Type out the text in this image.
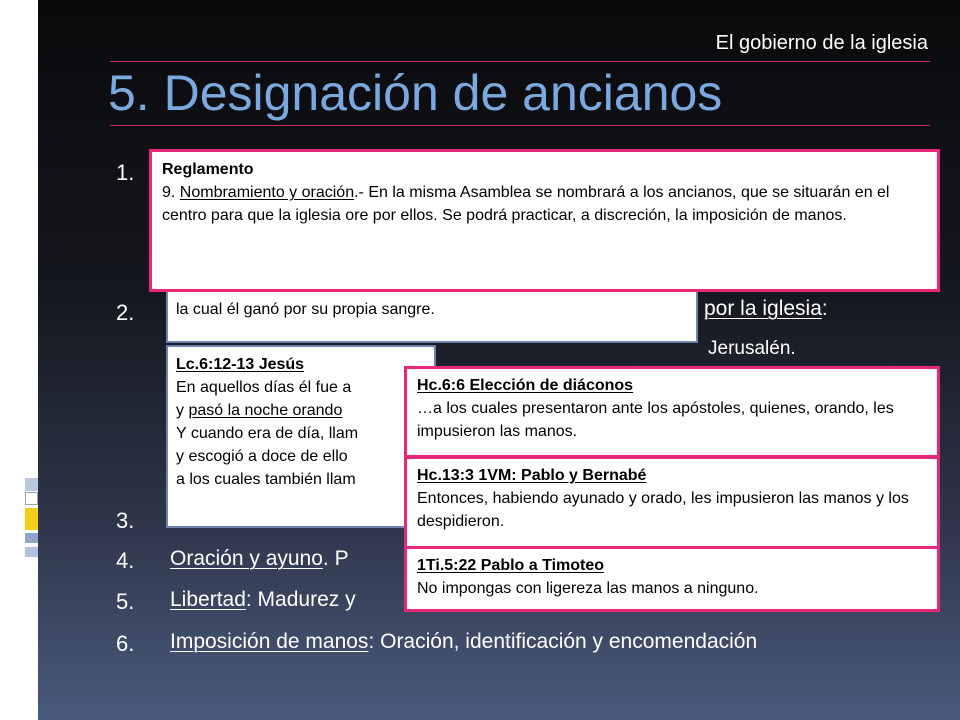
El gobierno de la iglesia
5. Designación de ancianos
1.
2.
3.
4.
5.
6.
por la iglesia:
Jerusalén.
Oración y ayuno. P
Libertad: Madurez y
Imposición de manos: Oración, identificación y encomendación

la cual él ganó por su propia sangre.

Lc.6:12-13 Jesús

En aquellos días él fue a

y pasó la noche orando

Y cuando era de día, llam

y escogió a doce de ello

a los cuales también llam

Reglamento

9. Nombramiento y oración.- En la misma Asamblea se nombrará a los ancianos, que se situarán en el centro para que la iglesia ore por ellos. Se podrá practicar, a discreción, la imposición de manos.

Hc.6:6 Elección de diáconos

…a los cuales presentaron ante los apóstoles, quienes, orando, les impusieron las manos.

Hc.13:3 1VM: Pablo y Bernabé

Entonces, habiendo ayunado y orado, les impusieron las manos y los despidieron.

1Ti.5:22 Pablo a Timoteo

No impongas con ligereza las manos a ninguno.
